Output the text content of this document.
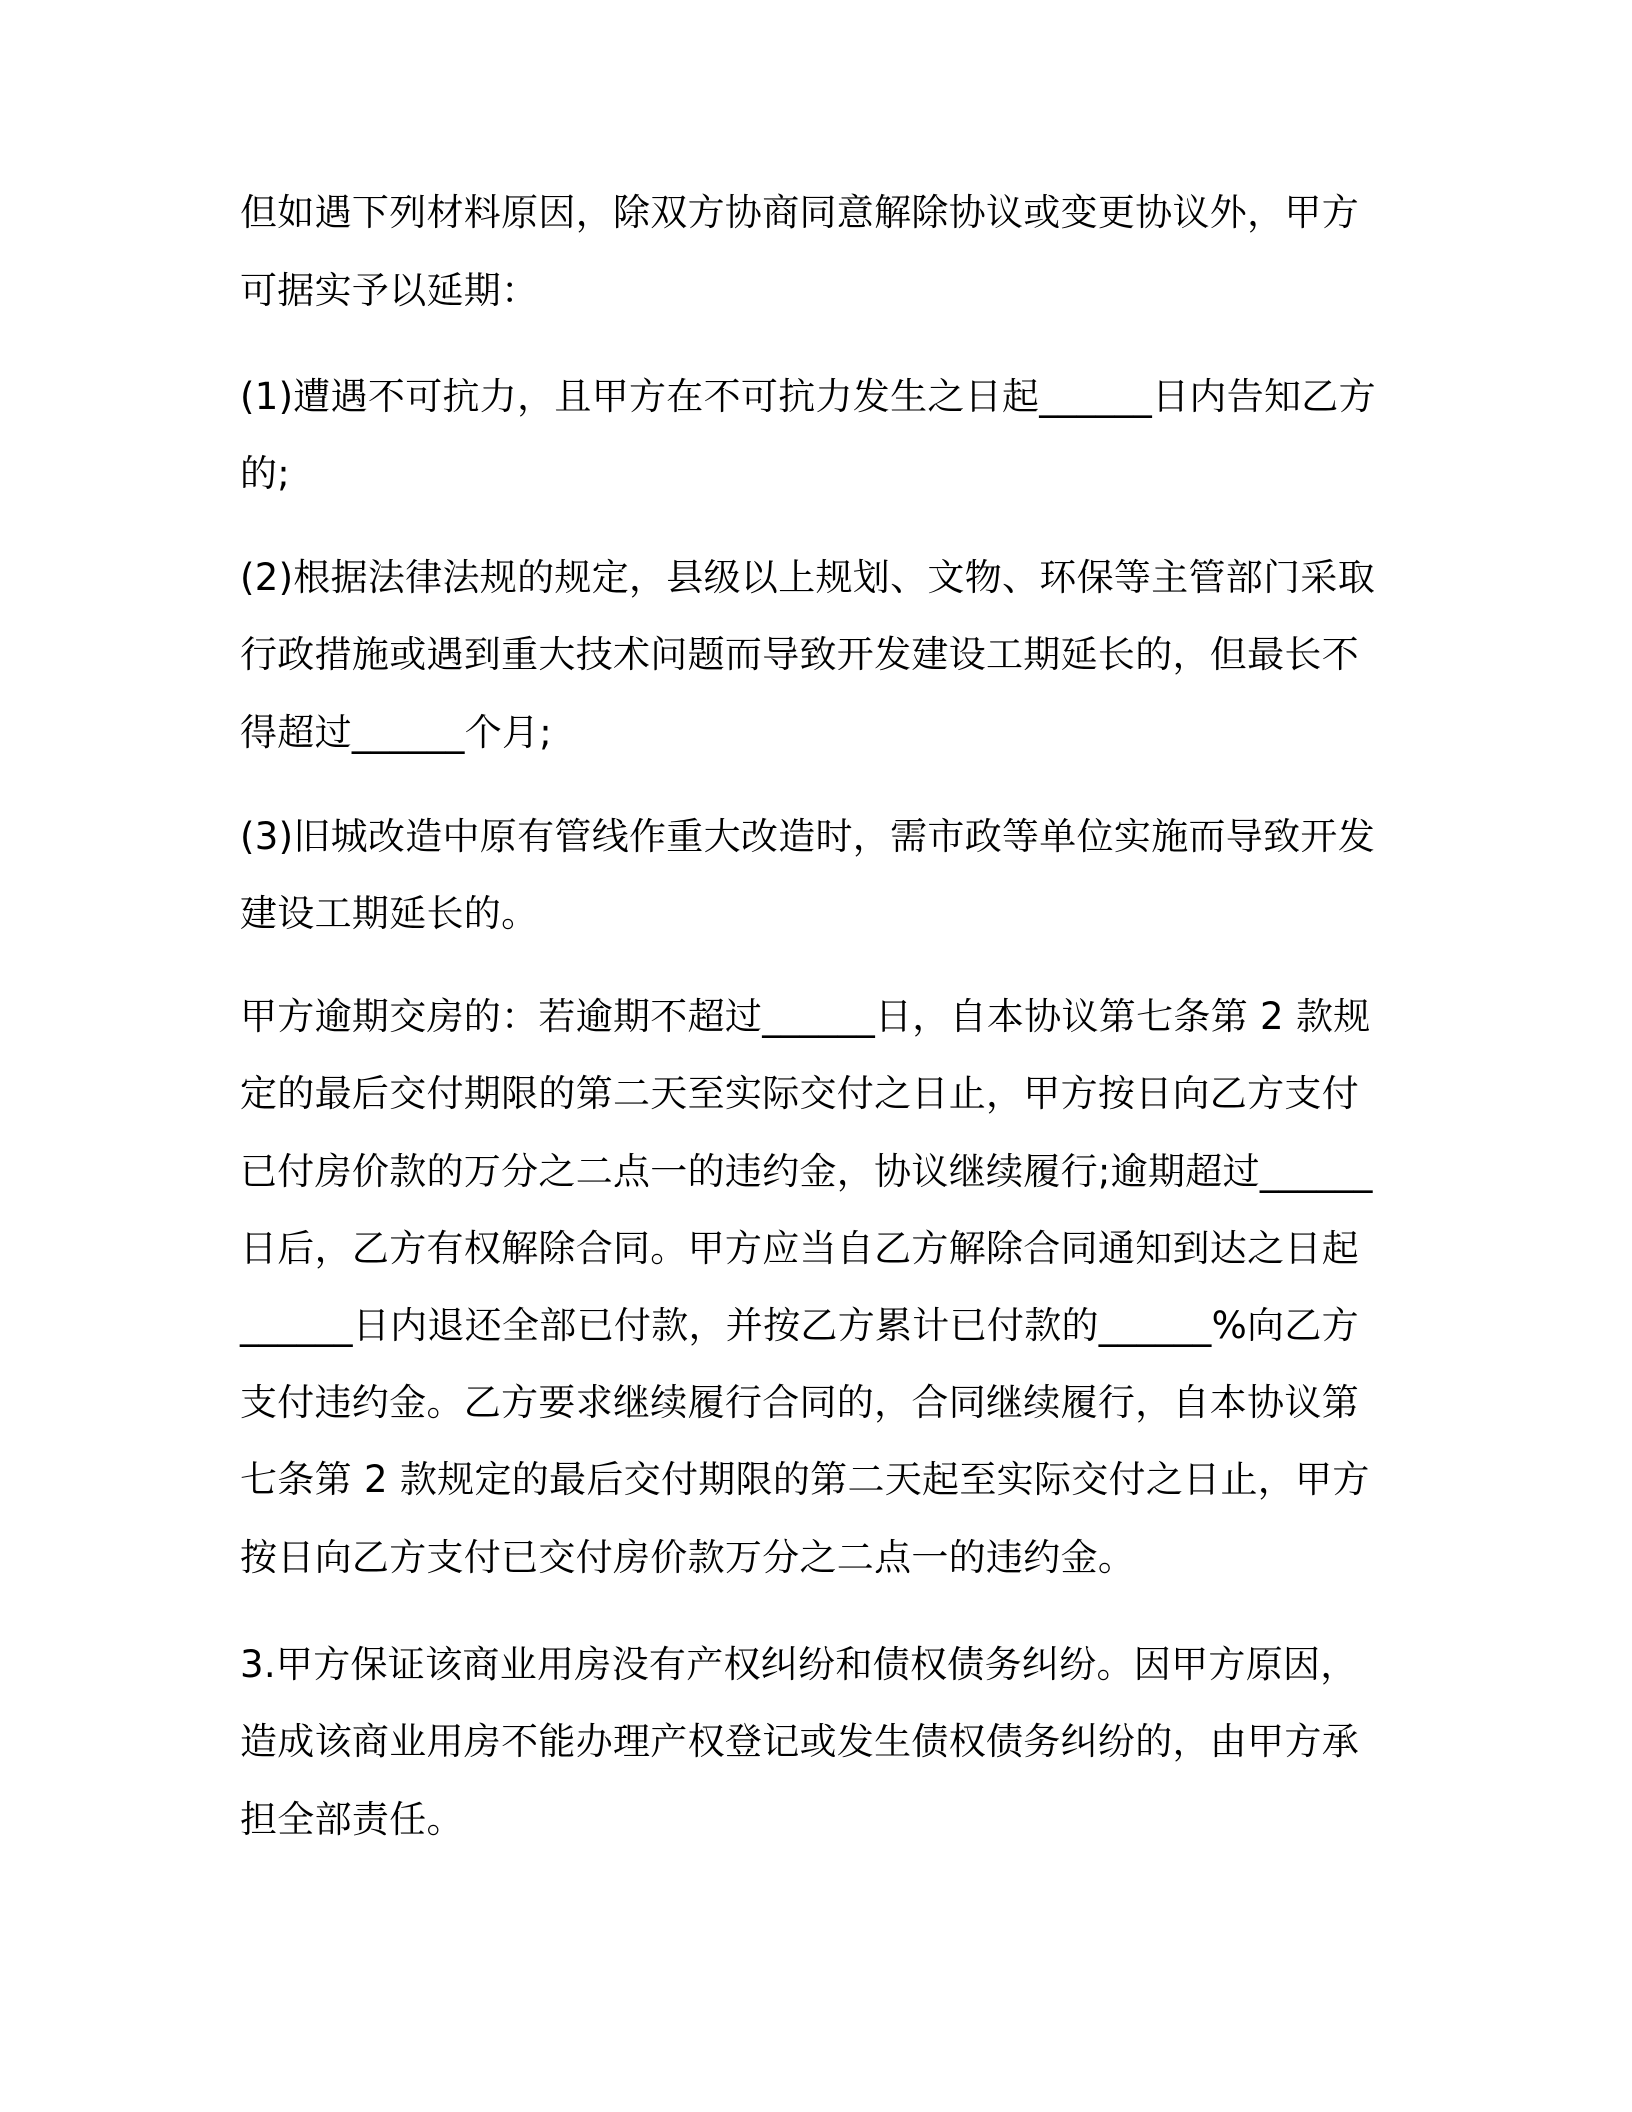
但如遇下列材料原因，除双方协商同意解除协议或变更协议外，甲方
可据实予以延期：
(1)遭遇不可抗力，且甲方在不可抗力发生之日起______日内告知乙方
的;
(2)根据法律法规的规定，县级以上规划、文物、环保等主管部门采取
行政措施或遇到重大技术问题而导致开发建设工期延长的，但最长不
得超过______个月;
(3)旧城改造中原有管线作重大改造时，需市政等单位实施而导致开发
建设工期延长的。
甲方逾期交房的：若逾期不超过______日，自本协议第七条第 2 款规
定的最后交付期限的第二天至实际交付之日止，甲方按日向乙方支付
已付房价款的万分之二点一的违约金，协议继续履行;逾期超过______
日后，乙方有权解除合同。甲方应当自乙方解除合同通知到达之日起
______日内退还全部已付款，并按乙方累计已付款的______%向乙方
支付违约金。乙方要求继续履行合同的，合同继续履行，自本协议第
七条第 2 款规定的最后交付期限的第二天起至实际交付之日止，甲方
按日向乙方支付已交付房价款万分之二点一的违约金。
3.甲方保证该商业用房没有产权纠纷和债权债务纠纷。因甲方原因，
造成该商业用房不能办理产权登记或发生债权债务纠纷的，由甲方承
担全部责任。
